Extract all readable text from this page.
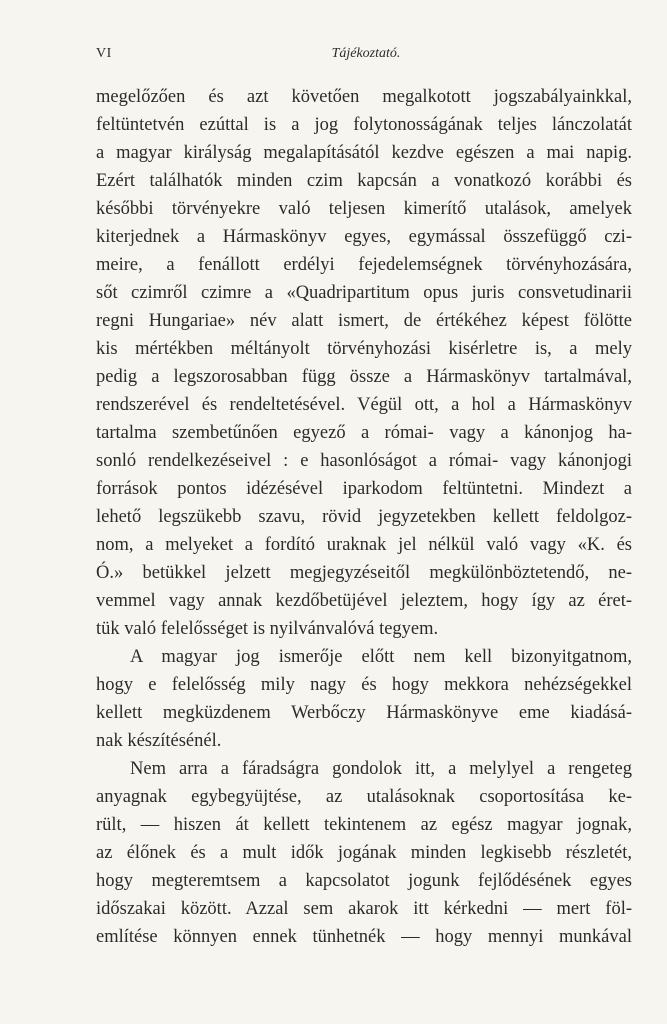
VI	Tájékoztató.
megelőzően és azt követően megalkotott jogszabályainkkal,
feltüntetvén ezúttal is a jog folytonosságának teljes lánczolatát
a magyar királyság megalapításától kezdve egészen a mai napig.
Ezért találhatók minden czim kapcsán a vonatkozó korábbi és
későbbi törvényekre való teljesen kimerítő utalások, amelyek
kiterjednek a Hármaskönyv egyes, egymással összefüggő czi-
meire, a fenállott erdélyi fejedelemségnek törvényhozására,
sőt czimről czimre a «Quadripartitum opus juris consvetudinarii
regni Hungariae» név alatt ismert, de értékéhez képest fölötte
kis mértékben méltányolt törvényhozási kisérletre is, a mely
pedig a legszorosabban függ össze a Hármaskönyv tartalmával,
rendszerével és rendeltetésével. Végül ott, a hol a Hármaskönyv
tartalma szembetűnően egyező a római- vagy a kánonjog ha-
sonló rendelkezéseivel : e hasonlóságot a római- vagy kánonjogi
források pontos idézésével iparkodom feltüntetni. Mindezt a
lehető legszükebb szavu, rövid jegyzetekben kellett feldolgoz-
nom, a melyeket a fordító uraknak jel nélkül való vagy «K. és
Ó.» betükkel jelzett megjegyzéseitől megkülönböztetendő, ne-
vemmel vagy annak kezdőbetüjével jeleztem, hogy így az éret-
tük való felelősséget is nyilvánvalóvá tegyem.
A magyar jog ismerője előtt nem kell bizonyitgatnom,
hogy e felelősség mily nagy és hogy mekkora nehézségekkel
kellett megküzdenem Werbőczy Hármaskönyve eme kiadásá-
nak készítésénél.
Nem arra a fáradságra gondolok itt, a melylyel a rengeteg
anyagnak egybegyüjtése, az utalásoknak csoportosítása ke-
rült, — hiszen át kellett tekintenem az egész magyar jognak,
az élőnek és a mult idők jogának minden legkisebb részletét,
hogy megteremtsem a kapcsolatot jogunk fejlődésének egyes
időszakai között. Azzal sem akarok itt kérkedni — mert föl-
említése könnyen ennek tünhetnék — hogy mennyi munkával
